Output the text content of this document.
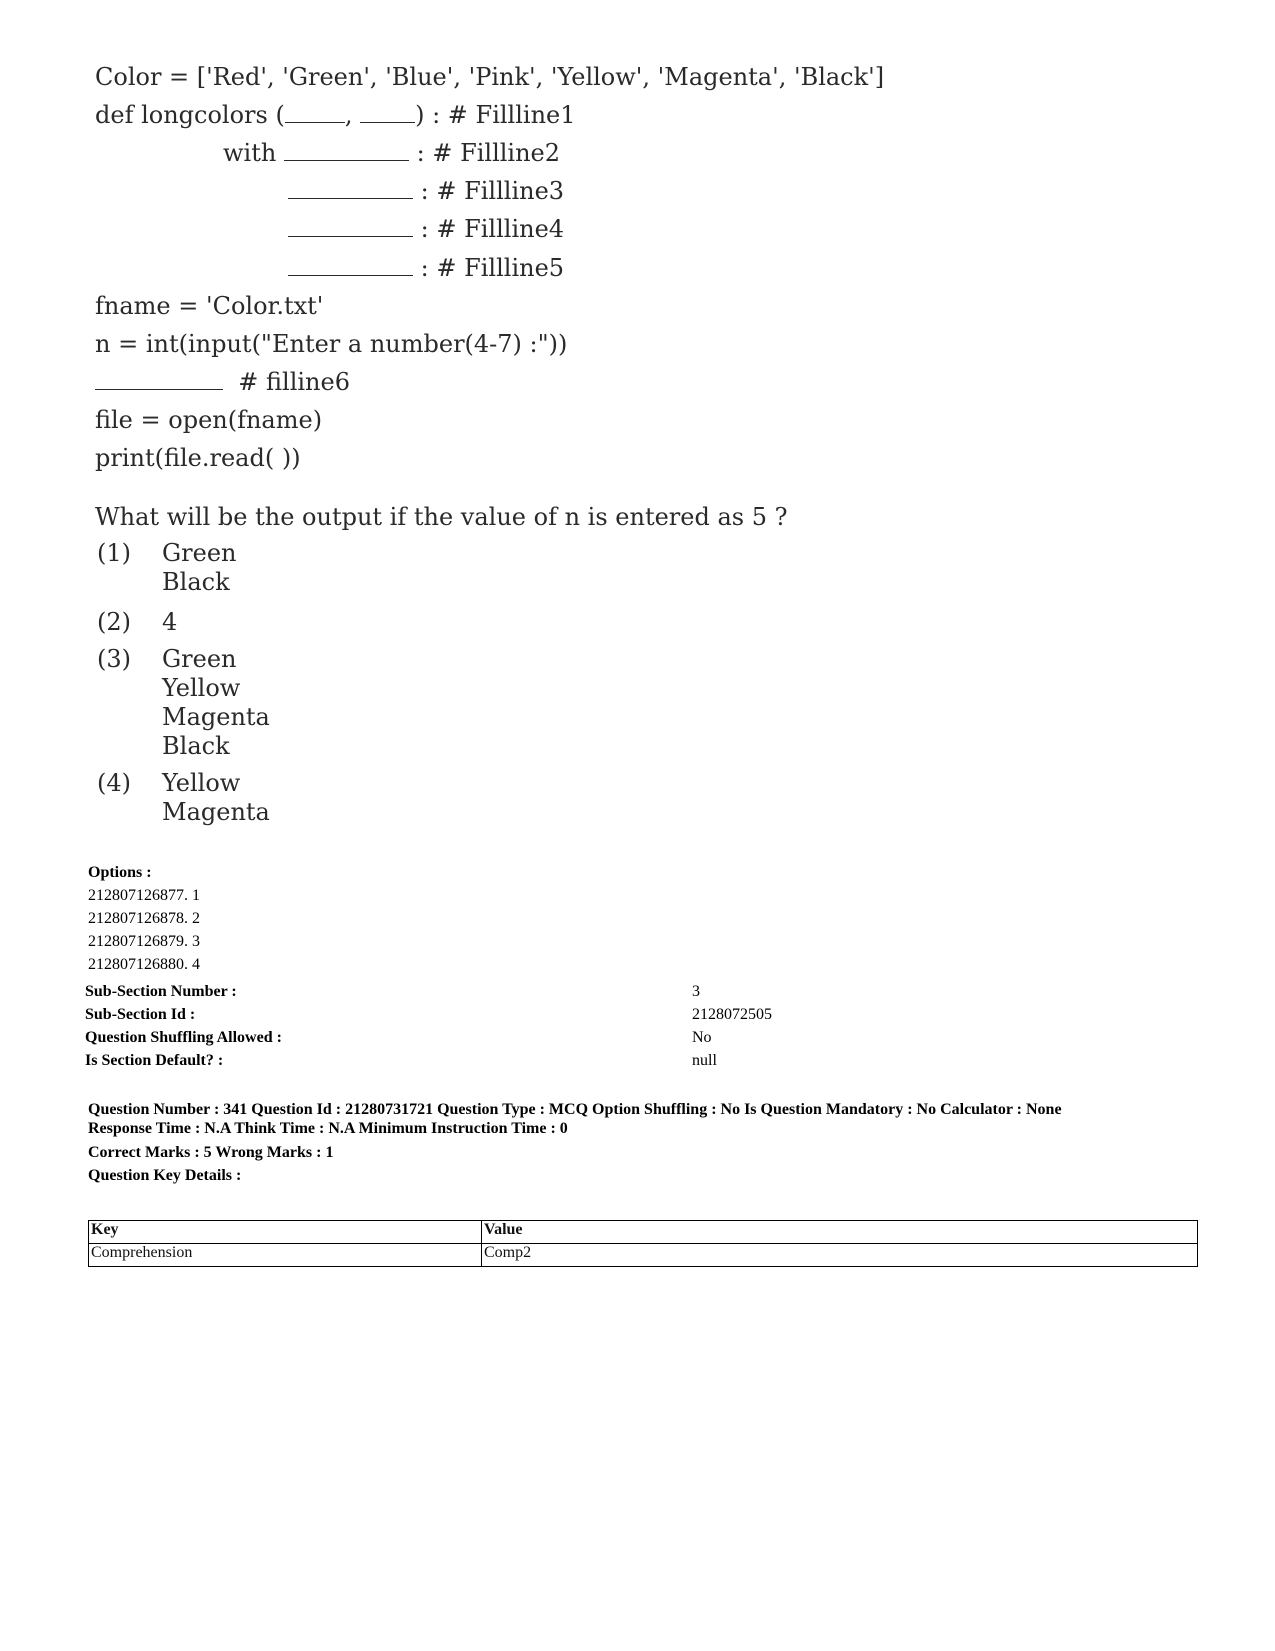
Color = ['Red', 'Green', 'Blue', 'Pink', 'Yellow', 'Magenta', 'Black']
def longcolors (	, ) : # Fillline1
with	: # Fillline2
: # Fillline3
: # Fillline4
: # Fillline5
fname = 'Color.txt'
n = int(input("Enter a number(4-7) :"))
# filline6
file = open(fname)
print(file.read( ))
What will be the output if the value of n is entered as 5 ?
(1) Green
Black
(2) 4
(3) Green
Yellow
Magenta
Black
(4) Yellow
Magenta
Options :
212807126877. 1
212807126878. 2
212807126879. 3
212807126880. 4
Sub-Section Number :	3
Sub-Section Id :	2128072505
Question Shuffling Allowed :	No
Is Section Default? :	null
Question Number : 341 Question Id : 21280731721 Question Type : MCQ Option Shuffling : No Is Question Mandatory : No Calculator : None
Response Time : N.A Think Time : N.A Minimum Instruction Time : 0
Correct Marks : 5 Wrong Marks : 1
Question Key Details :
Key	Value
Comprehension	Comp2
